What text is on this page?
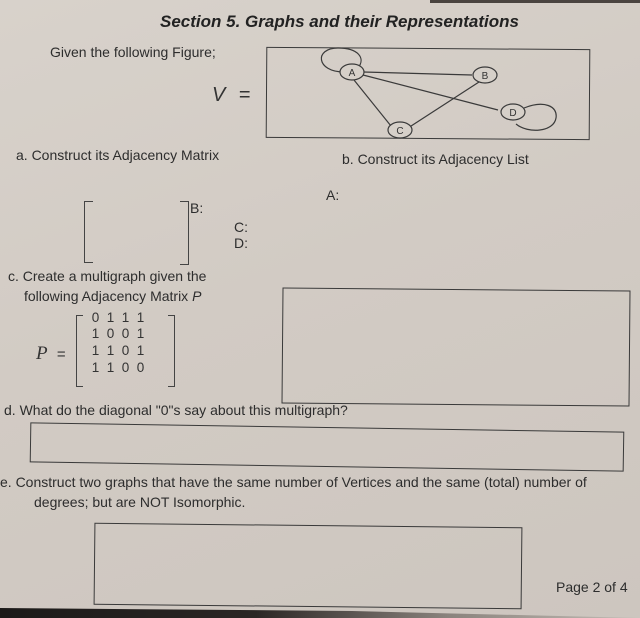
Section 5. Graphs and their Representations
Given the following Figure;
V =
A	B
C
D
a. Construct its Adjacency Matrix	b. Construct its Adjacency List
A:
B:
C:
D:
c. Create a multigraph given the
following Adjacency Matrix P
P =
0 1 1 1
1 0 0 1
1 1 0 1
1 1 0 0
d. What do the diagonal "0"s say about this multigraph?
e. Construct two graphs that have the same number of Vertices and the same (total) number of
degrees; but are NOT Isomorphic.
Page 2 of 4
